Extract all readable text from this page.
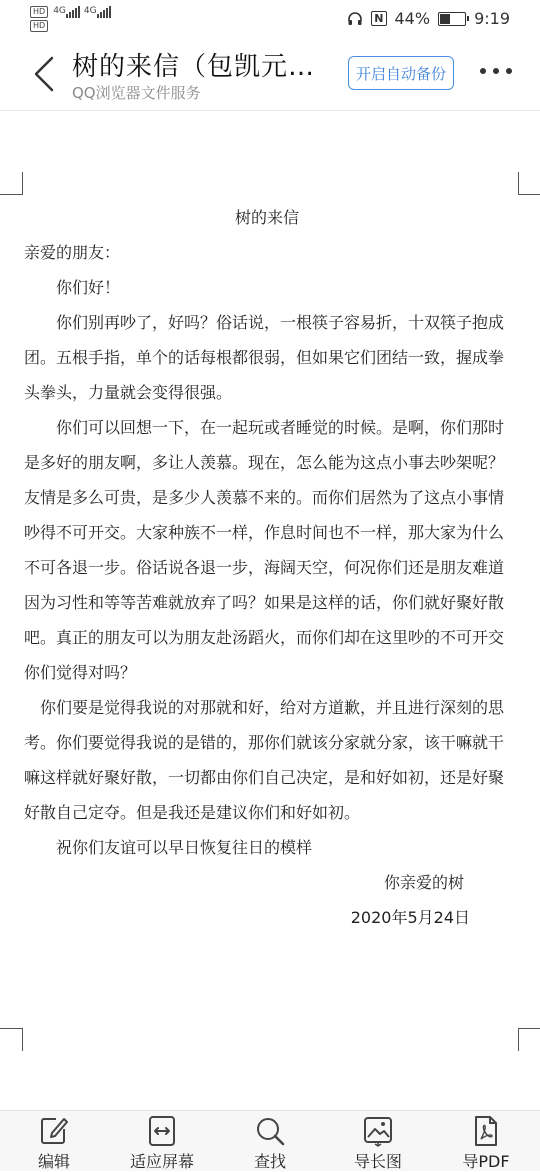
HD 4G 4G
HD
N 44%	9:19
树的来信（包凯元…
QQ浏览器文件服务
开启自动备份

树的来信

亲爱的朋友：

你们好！

你们别再吵了，好吗？俗话说，一根筷子容易折，十双筷子抱成团。五根手指，单个的话每根都很弱，但如果它们团结一致，握成拳头拳头，力量就会变得很强。

你们可以回想一下，在一起玩或者睡觉的时候。是啊，你们那时是多好的朋友啊，多让人羡慕。现在，怎么能为这点小事去吵架呢？友情是多么可贵，是多少人羡慕不来的。而你们居然为了这点小事情吵得不可开交。大家种族不一样，作息时间也不一样，那大家为什么不可各退一步。俗话说各退一步，海阔天空，何况你们还是朋友难道因为习性和等等苦难就放弃了吗？如果是这样的话，你们就好聚好散吧。真正的朋友可以为朋友赴汤蹈火，而你们却在这里吵的不可开交你们觉得对吗？

你们要是觉得我说的对那就和好，给对方道歉，并且进行深刻的思考。你们要觉得我说的是错的，那你们就该分家就分家，该干嘛就干嘛这样就好聚好散，一切都由你们自己决定，是和好如初，还是好聚好散自己定夺。但是我还是建议你们和好如初。

祝你们友谊可以早日恢复往日的模样

你亲爱的树

2020年5月24日

编辑	适应屏幕	查找	导长图	导PDF
